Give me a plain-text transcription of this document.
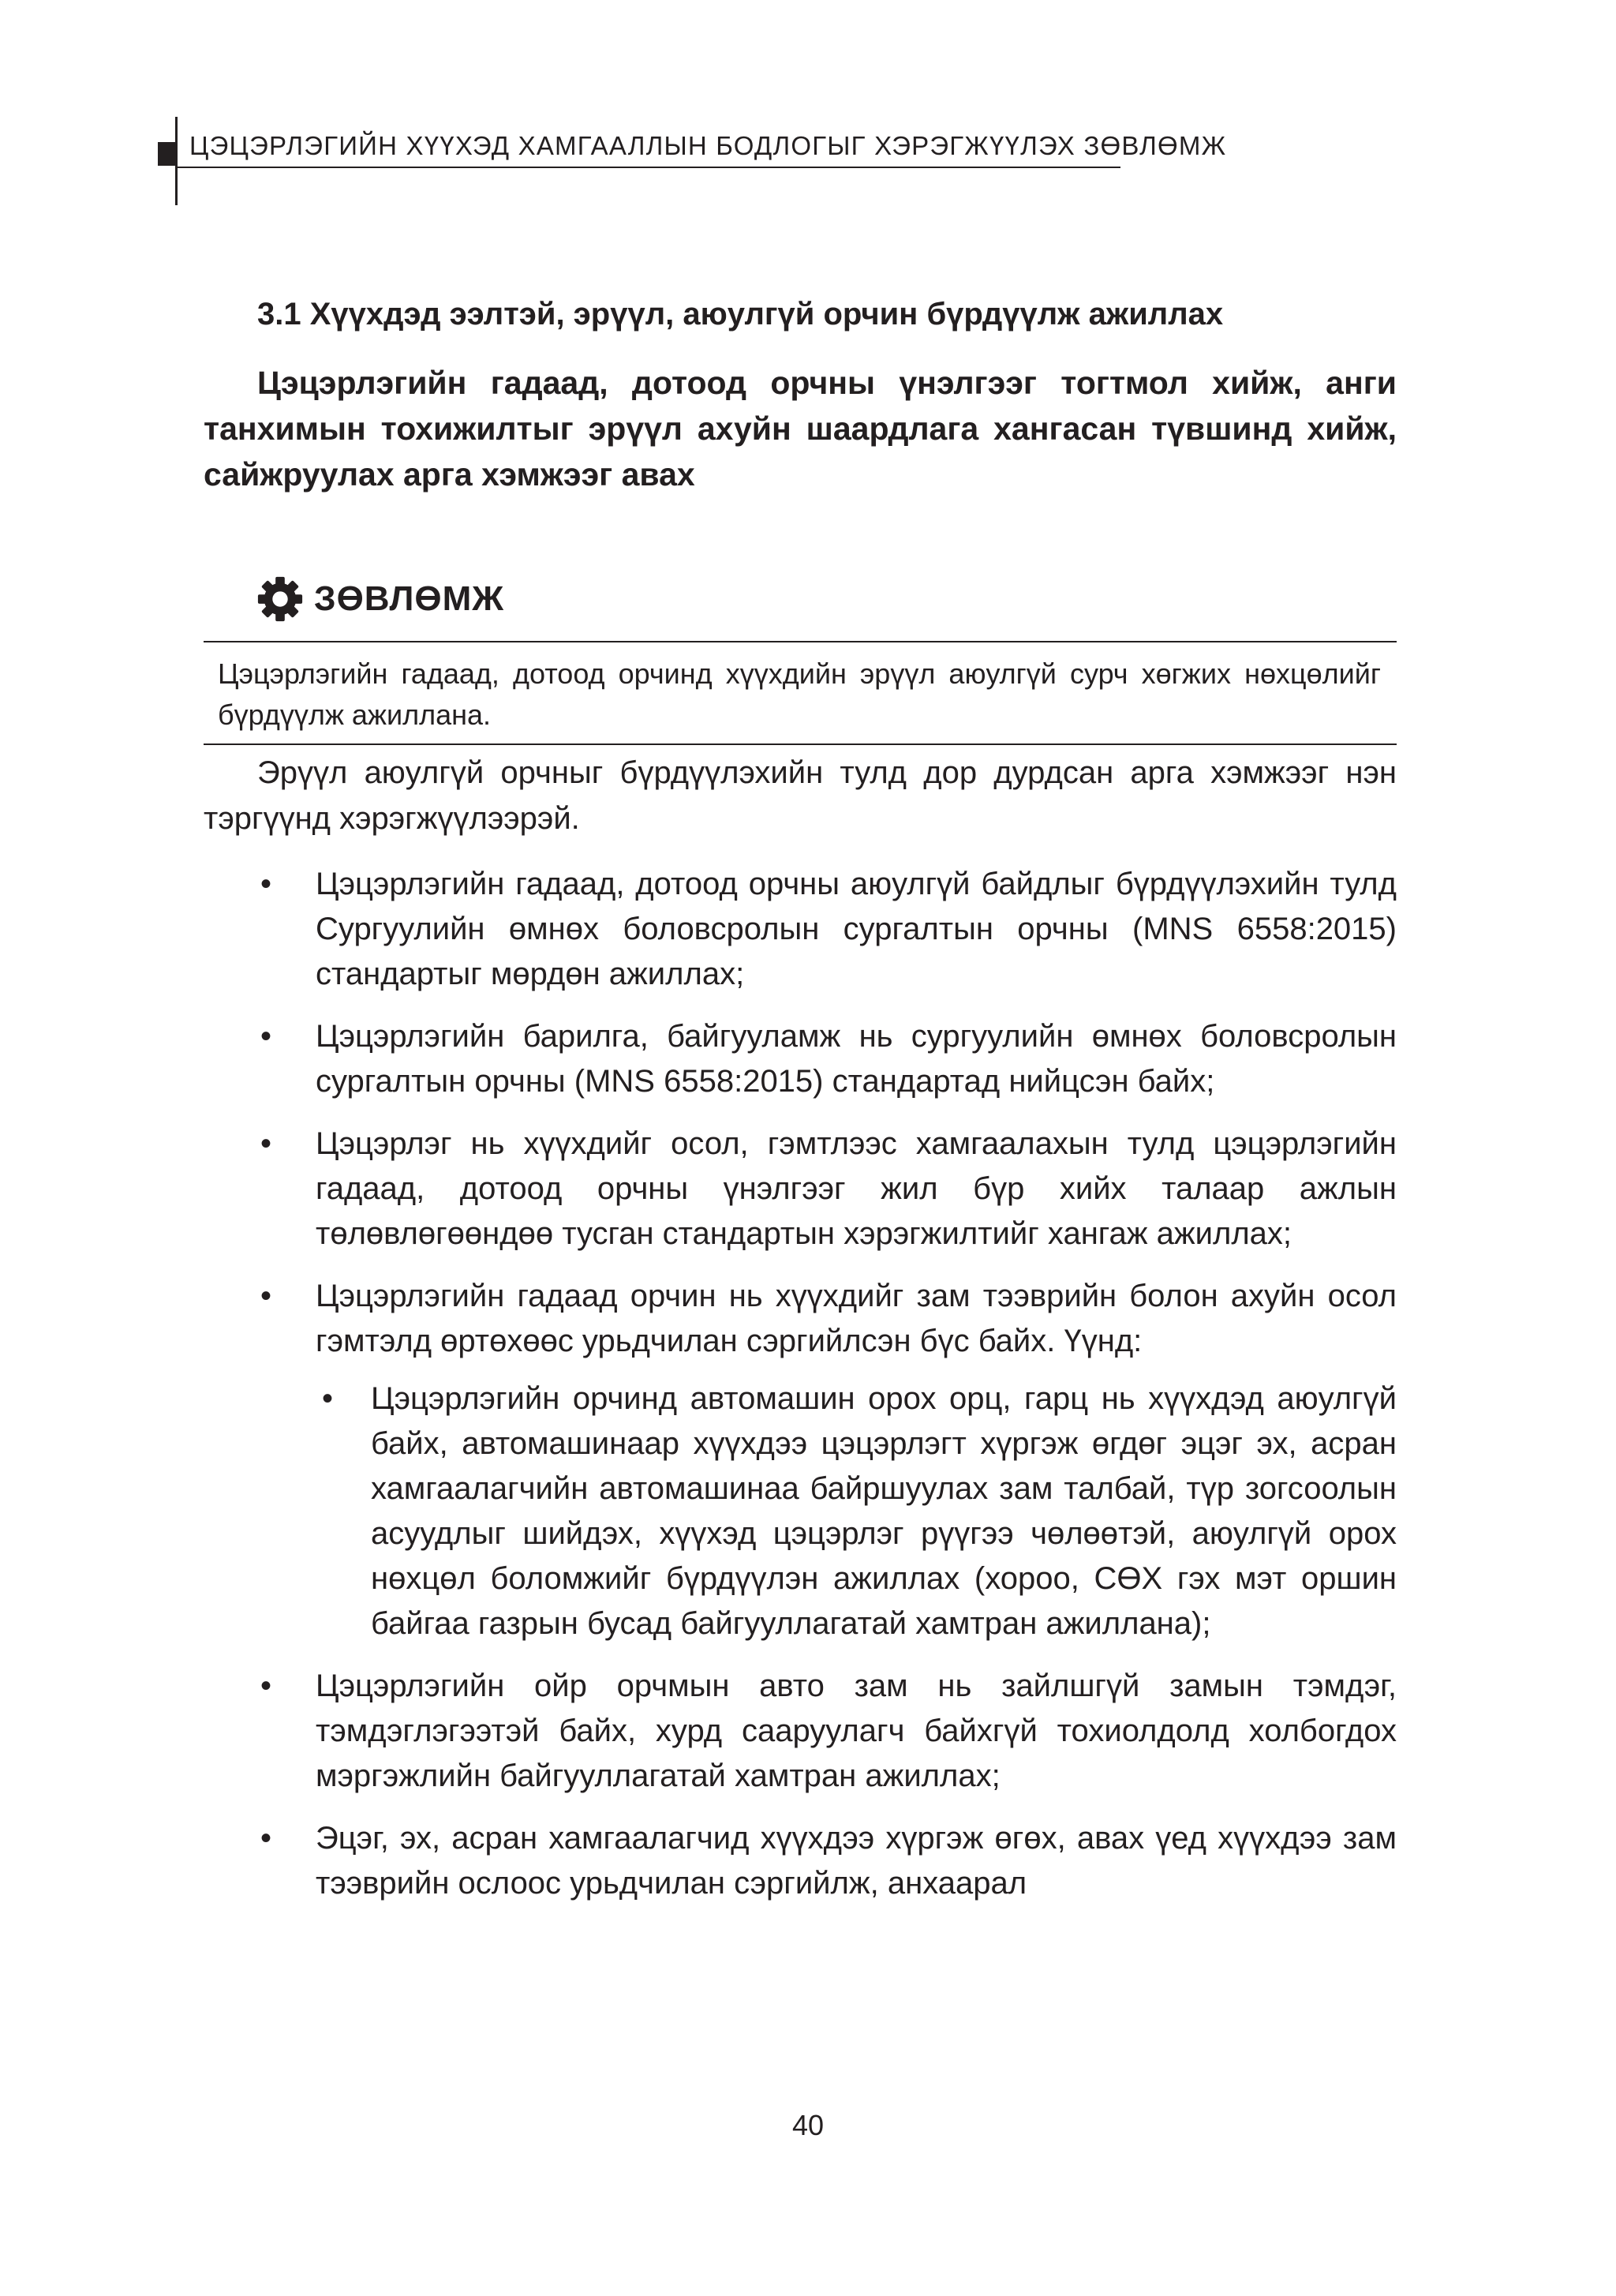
ЦЭЦЭРЛЭГИЙН ХҮҮХЭД ХАМГААЛЛЫН БОДЛОГЫГ ХЭРЭГЖҮҮЛЭХ ЗӨВЛӨМЖ
3.1 Хүүхдэд ээлтэй, эрүүл, аюулгүй орчин бүрдүүлж ажиллах
Цэцэрлэгийн гадаад, дотоод орчны үнэлгээг тогтмол хийж, анги танхимын тохижилтыг эрүүл ахуйн шаардлага хангасан түвшинд хийж, сайжруулах арга хэмжээг авах
ЗӨВЛӨМЖ
Цэцэрлэгийн гадаад, дотоод орчинд хүүхдийн эрүүл аюулгүй сурч хөгжих нөхцөлийг бүрдүүлж ажиллана.

Эрүүл аюулгүй орчныг бүрдүүлэхийн тулд дор дурдсан арга хэмжээг нэн тэргүүнд хэрэгжүүлээрэй.

• Цэцэрлэгийн гадаад, дотоод орчны аюулгүй байдлыг бүрдүүлэхийн тулд Сургуулийн өмнөх боловсролын сургалтын орчны (MNS 6558:2015) стандартыг мөрдөн ажиллах;
• Цэцэрлэгийн барилга, байгууламж нь сургуулийн өмнөх боловсролын сургалтын орчны (MNS 6558:2015) стандартад нийцсэн байх;
• Цэцэрлэг нь хүүхдийг осол, гэмтлээс хамгаалахын тулд цэцэрлэгийн гадаад, дотоод орчны үнэлгээг жил бүр хийх талаар ажлын төлөвлөгөөндөө тусган стандартын хэрэгжилтийг хангаж ажиллах;
• Цэцэрлэгийн гадаад орчин нь хүүхдийг зам тээврийн болон ахуйн осол гэмтэлд өртөхөөс урьдчилан сэргийлсэн бүс байх. Үүнд:
• Цэцэрлэгийн орчинд автомашин орох орц, гарц нь хүүхдэд аюулгүй байх, автомашинаар хүүхдээ цэцэрлэгт хүргэж өгдөг эцэг эх, асран хамгаалагчийн автомашинаа байршуулах зам талбай, түр зогсоолын асуудлыг шийдэх, хүүхэд цэцэрлэг рүүгээ чөлөөтэй, аюулгүй орох нөхцөл боломжийг бүрдүүлэн ажиллах (хороо, СӨХ гэх мэт оршин байгаа газрын бусад байгууллагатай хамтран ажиллана);
• Цэцэрлэгийн ойр орчмын авто зам нь зайлшгүй замын тэмдэг, тэмдэглэгээтэй байх, хурд сааруулагч байхгүй тохиолдолд холбогдох мэргэжлийн байгууллагатай хамтран ажиллах;
• Эцэг, эх, асран хамгаалагчид хүүхдээ хүргэж өгөх, авах үед хүүхдээ зам тээврийн ослоос урьдчилан сэргийлж, анхаарал
40
